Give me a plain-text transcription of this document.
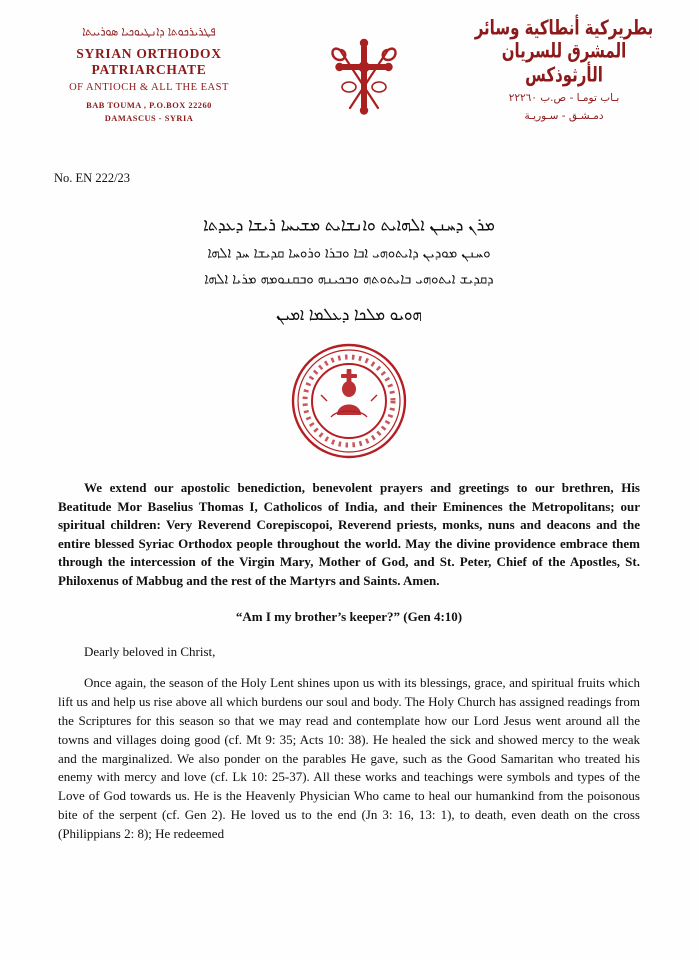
ܦܛܪܝܪܟܘܬܐ ܕܐܢܛܝܘܟܝܐ ܣܘܪܝܝܬܐ
SYRIAN ORTHODOX PATRIARCHATE
OF ANTIOCH & ALL THE EAST
BAB TOUMA , P.O.BOX 22260
DAMASCUS - SYRIA
بطريركية أنطاكية وسائر المشرق للسريان الأرثوذكس
بـاب تومـا - ص.ب ٢٢٢٦٠
دمـشـق - سـوريـة
No. EN 222/23
ܡܪܢ ܕܚܢܢ ܐܠܗܐܝܬ ܘܐܢܫܐܝܬ ܡܫܝܚܐ ܪܝܫܐ ܕܥܕܬܐ
ܘܚܢܢ ܡܘܕܝܢ ܕܐܝܬܘܗܝ ܐܒܐ ܘܒܪܐ ܘܪܘܚܐ ܩܕܝܫܐ ܚܕ ܐܠܗܐ
ܕܩܕܝܫ ܐܝܬܘܗܝ ܒܐܝܬܘܬܗ ܘܒܟܝܢܗ ܘܒܩܢܘܡܗ ܡܪܝܐ ܐܠܗܐ
ܗܘܝܘ ܡܠܟܐ ܕܥܠܡܐ ܐܡܝܢ

We extend our apostolic benediction, benevolent prayers and greetings to our brethren, His Beatitude Mor Baselius Thomas I, Catholicos of India, and their Eminences the Metropolitans; our spiritual children: Very Reverend Corepiscopoi, Reverend priests, monks, nuns and deacons and the entire blessed Syriac Orthodox people throughout the world. May the divine providence embrace them through the intercession of the Virgin Mary, Mother of God, and St. Peter, Chief of the Apostles, St. Philoxenus of Mabbug and the rest of the Martyrs and Saints. Amen.

“Am I my brother’s keeper?” (Gen 4:10)

Dearly beloved in Christ,

Once again, the season of the Holy Lent shines upon us with its blessings, grace, and spiritual fruits which lift us and help us rise above all which burdens our soul and body. The Holy Church has assigned readings from the Scriptures for this season so that we may read and contemplate how our Lord Jesus went around all the towns and villages doing good (cf. Mt 9: 35; Acts 10: 38). He healed the sick and showed mercy to the weak and the marginalized. We also ponder on the parables He gave, such as the Good Samaritan who treated his enemy with mercy and love (cf. Lk 10: 25-37). All these works and teachings were symbols and types of the Love of God towards us. He is the Heavenly Physician Who came to heal our humankind from the poisonous bite of the serpent (cf. Gen 2). He loved us to the end (Jn 3: 16, 13: 1), to death, even death on the cross (Philippians 2: 8); He redeemed
